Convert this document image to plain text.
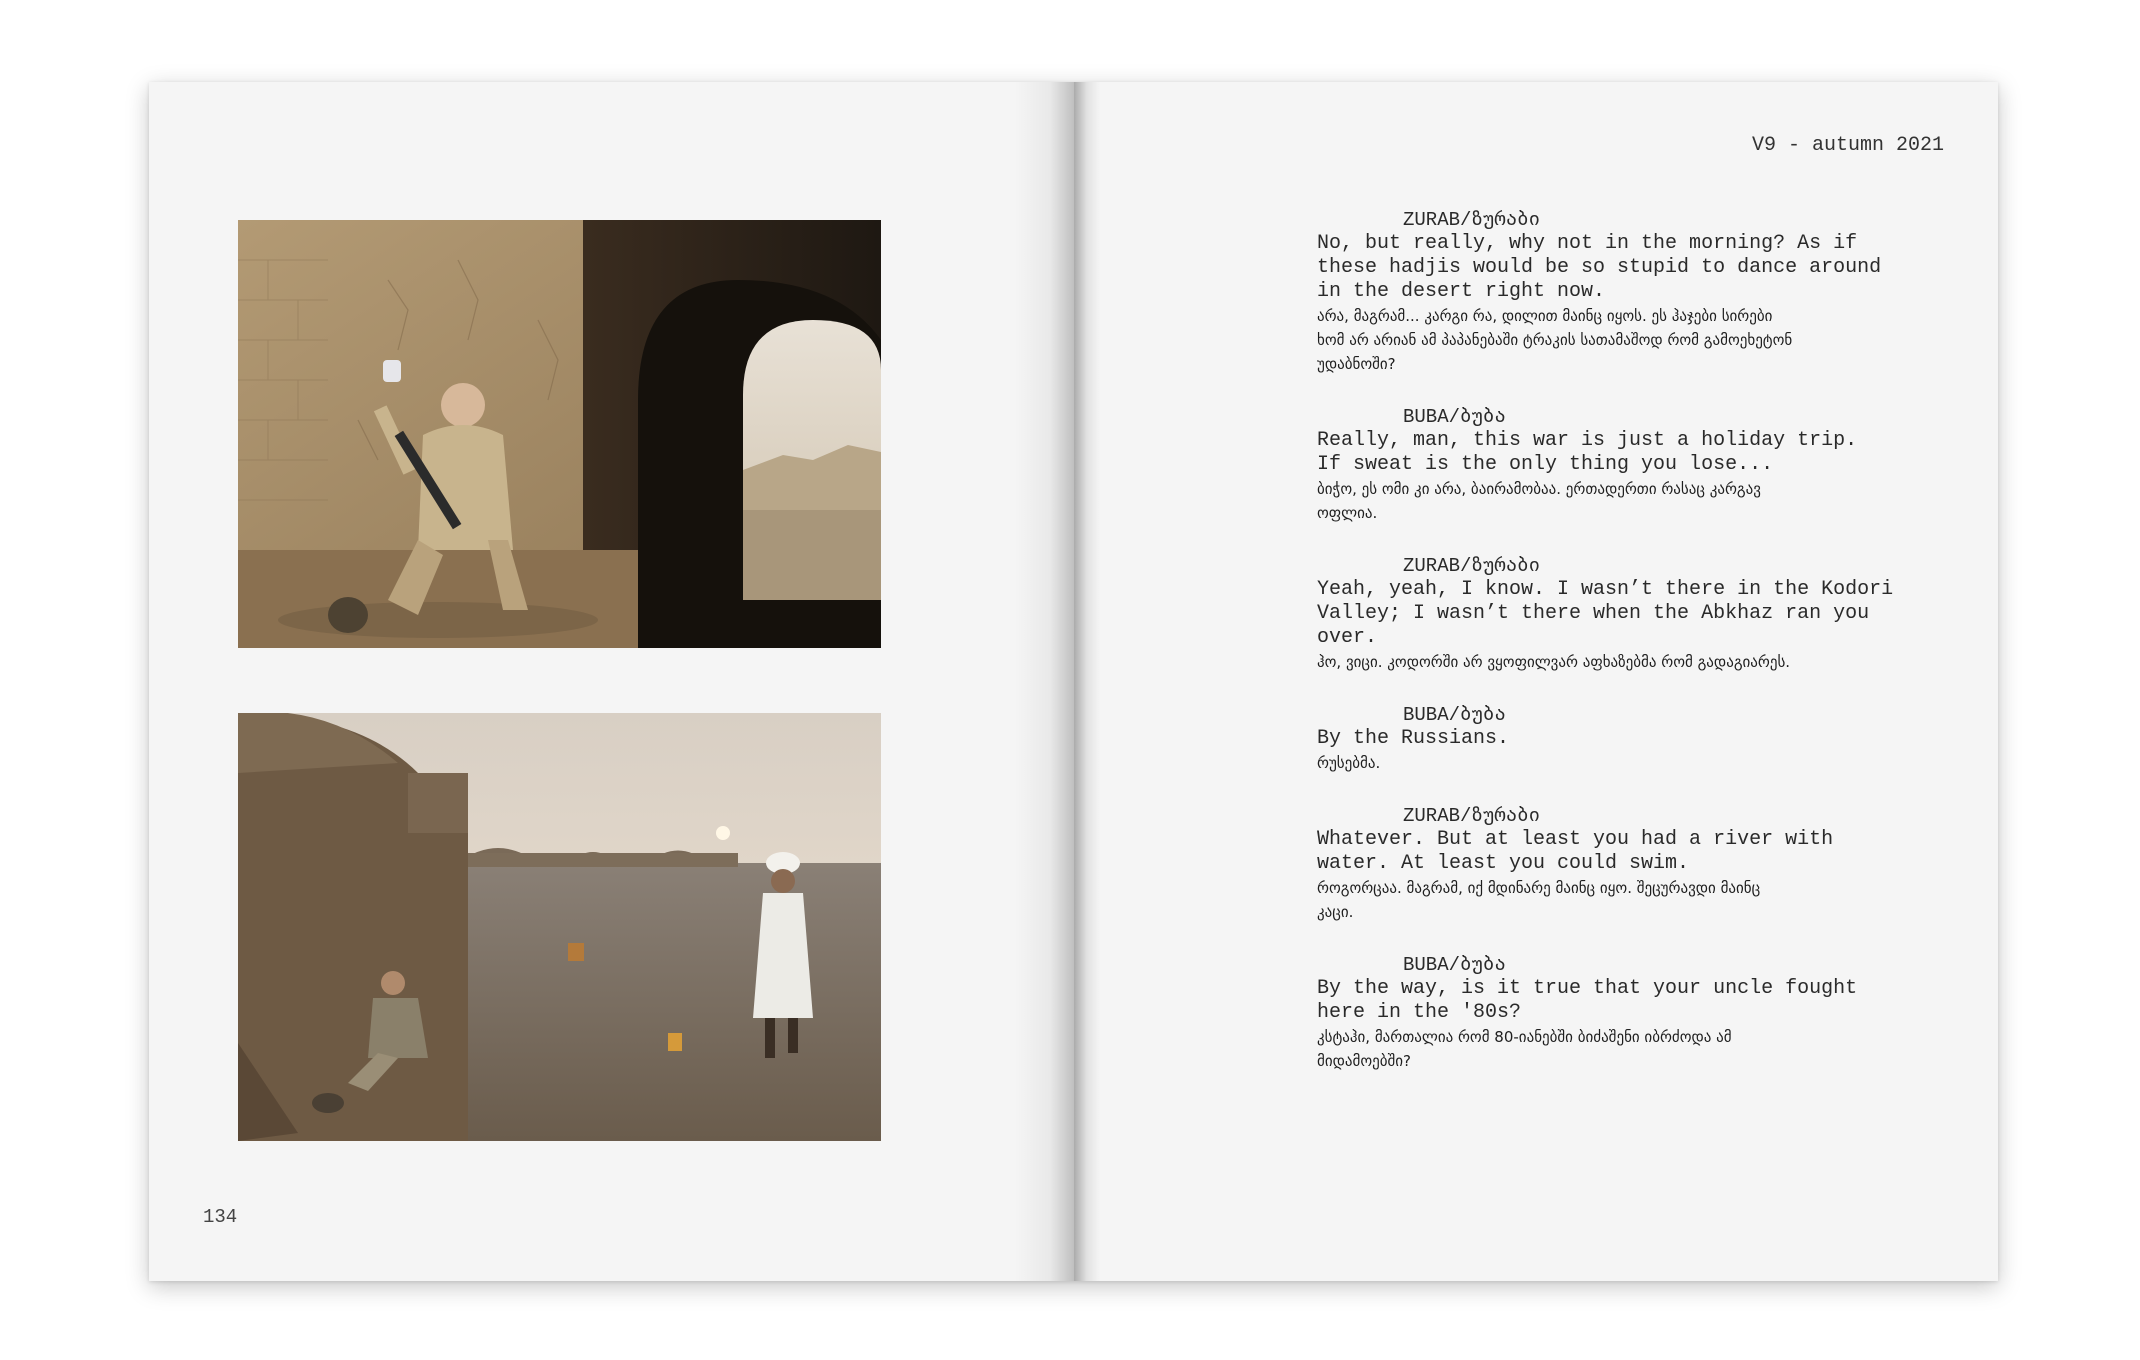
134
V9 - autumn 2021
ZURAB/ზურაბი
No, but really, why not in the morning? As if
these hadjis would be so stupid to dance around
in the desert right now.
არა, მაგრამ... კარგი რა, დილით მაინც იყოს. ეს ჰაჯები სირები
ხომ არ არიან ამ პაპანებაში ტრაკის სათამაშოდ რომ გამოეხეტონ
უდაბნოში?
BUBA/ბუბა
Really, man, this war is just a holiday trip.
If sweat is the only thing you lose...
ბიჭო, ეს ომი კი არა, ბაირამობაა. ერთადერთი რასაც კარგავ
ოფლია.
ZURAB/ზურაბი
Yeah, yeah, I know. I wasn’t there in the Kodori
Valley; I wasn’t there when the Abkhaz ran you
over.
ჰო, ვიცი. კოდორში არ ვყოფილვარ აფხაზებმა რომ გადაგიარეს.
BUBA/ბუბა
By the Russians.
რუსებმა.
ZURAB/ზურაბი
Whatever. But at least you had a river with
water. At least you could swim.
როგორცაა. მაგრამ, იქ მდინარე მაინც იყო. შეცურავდი მაინც
კაცი.
BUBA/ბუბა
By the way, is it true that your uncle fought
here in the '80s?
კსტაჰი, მართალია რომ 80-იანებში ბიძაშენი იბრძოდა ამ
მიდამოებში?
